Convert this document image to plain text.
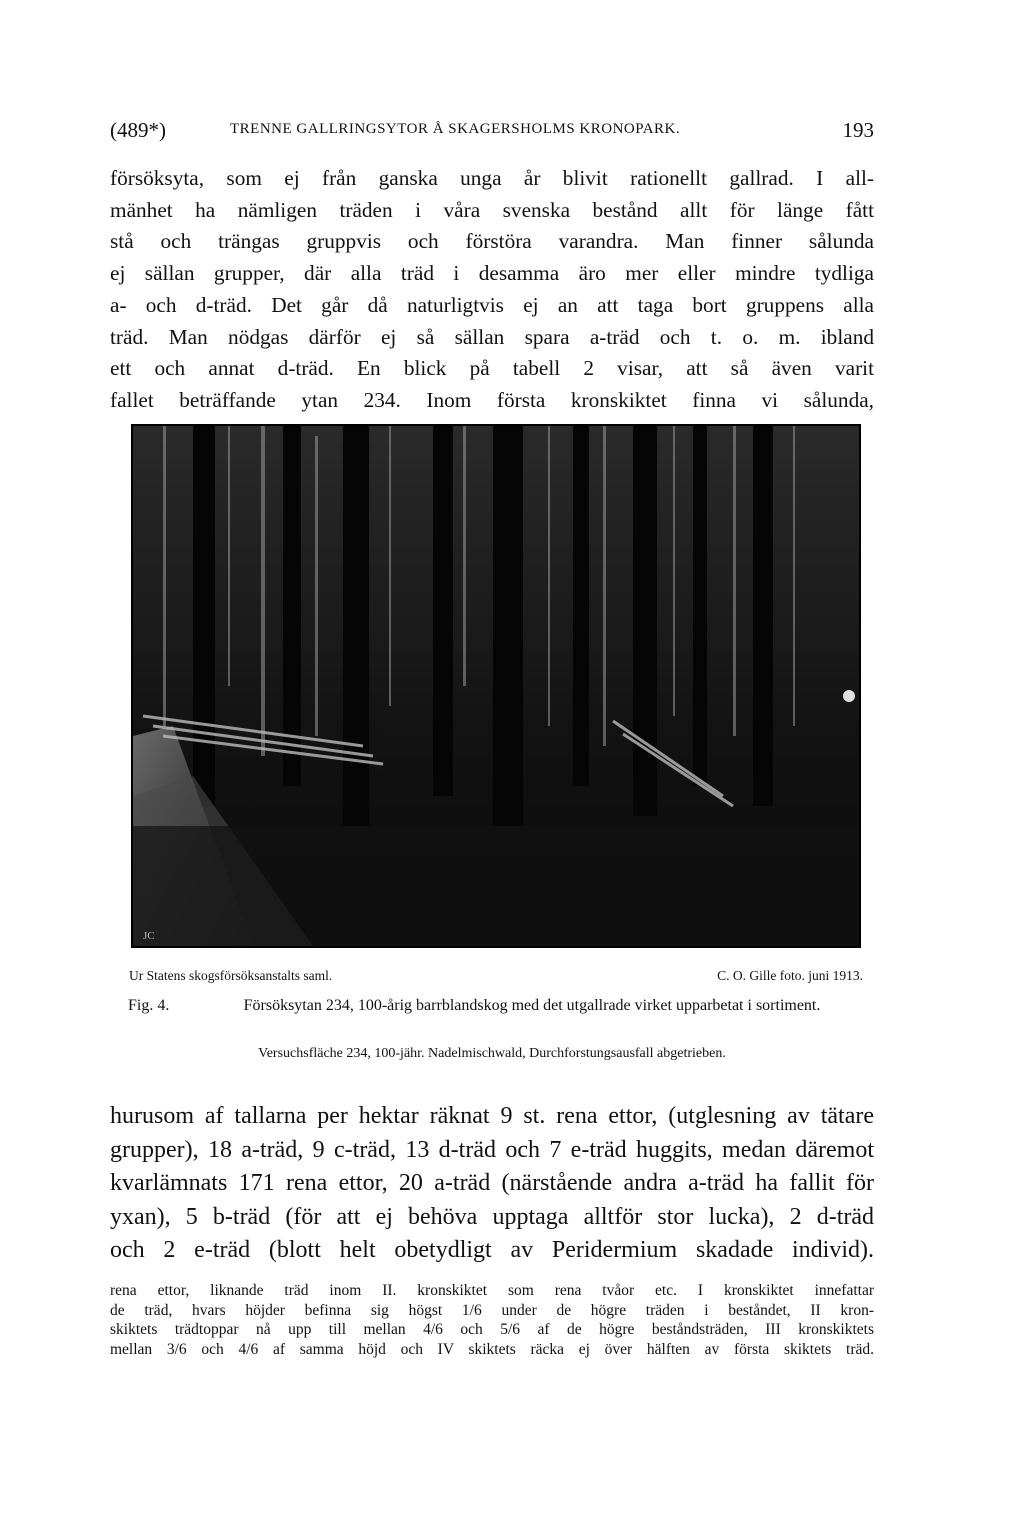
(489*)	TRENNE GALLRINGSYTOR Å SKAGERSHOLMS KRONOPARK.	193

försöksyta, som ej från ganska unga år blivit rationellt gallrad. I all-

mänhet ha nämligen träden i våra svenska bestånd allt för länge fått

stå och trängas gruppvis och förstöra varandra. Man finner sålunda

ej sällan grupper, där alla träd i desamma äro mer eller mindre tydliga

a- och d-träd. Det går då naturligtvis ej an att taga bort gruppens alla

träd. Man nödgas därför ej så sällan spara a-träd och t. o. m. ibland

ett och annat d-träd. En blick på tabell 2 visar, att så även varit

fallet beträffande ytan 234. Inom första kronskiktet finna vi sålunda,

JC
Ur Statens skogsförsöksanstalts saml.	C. O. Gille foto. juni 1913.
Fig. 4.	Försöksytan 234, 100-årig barrblandskog med det utgallrade virket upparbetat i sortiment.
Versuchsfläche 234, 100-jähr. Nadelmischwald, Durchforstungsausfall abgetrieben.

hurusom af tallarna per hektar räknat 9 st. rena ettor, (utglesning av tätare

grupper), 18 a-träd, 9 c-träd, 13 d-träd och 7 e-träd huggits, medan däremot

kvarlämnats 171 rena ettor, 20 a-träd (närstående andra a-träd ha fallit för

yxan), 5 b-träd (för att ej behöva upptaga alltför stor lucka), 2 d-träd

och 2 e-träd (blott helt obetydligt av Peridermium skadade individ).

rena ettor, liknande träd inom II. kronskiktet som rena tvåor etc. I kronskiktet innefattar

de träd, hvars höjder befinna sig högst 1/6 under de högre träden i beståndet, II kron-

skiktets trädtoppar nå upp till mellan 4/6 och 5/6 af de högre beståndsträden, III kronskiktets

mellan 3/6 och 4/6 af samma höjd och IV skiktets räcka ej över hälften av första skiktets träd.
